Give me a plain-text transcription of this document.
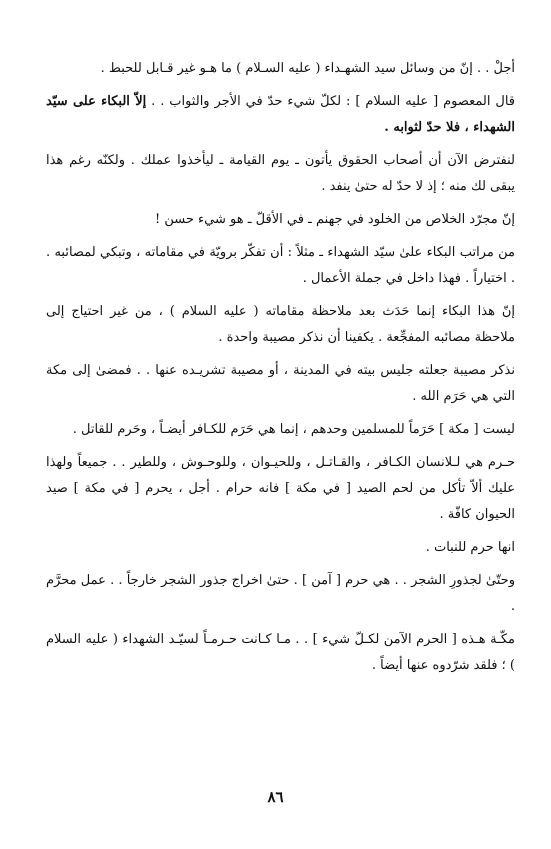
أجلْ . . إنّ من وسائل سيد الشهـداء ( عليه السـلام ) ما هـو غير قـابل للحبط .

قال المعصوم [ عليه السلام ] : لكلّ شيء حدّ في الأجر والثواب . . إلاّ البكاء على سيّد الشهداء ، فلا حدّ لثوابه .

لنفترض الآن أن أصحاب الحقوق يأتون ـ يوم القيامة ـ ليأخذوا عملك . ولكنّه رغم هذا يبقى لك منه ؛ إذ لا حدّ له حتىٰ ينفد .

إنّ مجرّد الخلاص من الخلود في جهنم ـ في الأقلّ ـ هو شيء حسن !

من مراتب البكاء علىٰ سيّد الشهداء ـ مثلاً : أن تفكّر برويّة في مقاماته ، وتبكي لمصائبه . . اختياراً . فهذا داخل في جملة الأعمال .

إنّ هذا البكاء إنما حَدَث بعد ملاحظة مقاماته ( عليه السلام ) ، من غير احتياج إلى ملاحظة مصائبه المفجِّعة . يكفينا أن نذكر مصيبة واحدة .

نذكر مصيبة جعلته جليس بيته في المدينة ، أو مصيبة تشريـده عنها . . فمضىٰ إلى مكة التي هي حَرَم الله .

ليست [ مكة ] حَرَماً للمسلمين وحدهم ، إنما هي حَرَم للكـافر أيضـاً ، وحَرم للقاتل .

حـرم هي لـلانسان الكـافر ، والقـاتـل ، وللحيـوان ، وللوحـوش ، وللطير . . جميعاً ولهذا عليك ألاّ تأكل من لحم الصيد [ في مكة ] فانه حرام . أجل ، يحرم [ في مكة ] صيد الحيوان كافّة .

انها حرم للنبات .

وحتّىٰ لجذورِ الشجر . . هي حرم [ آمن ] . حتىٰ اخراج جذور الشجر خارجاً . . عمل محرَّم .

مكّـة هـذه [ الحرم الآمن لكـلّ شيء ] . . مـا كـانت حـرمـاً لسيّـد الشهداء ( عليه السلام ) ؛ فلقد شرّدوه عنها أيضاً .

٨٦
